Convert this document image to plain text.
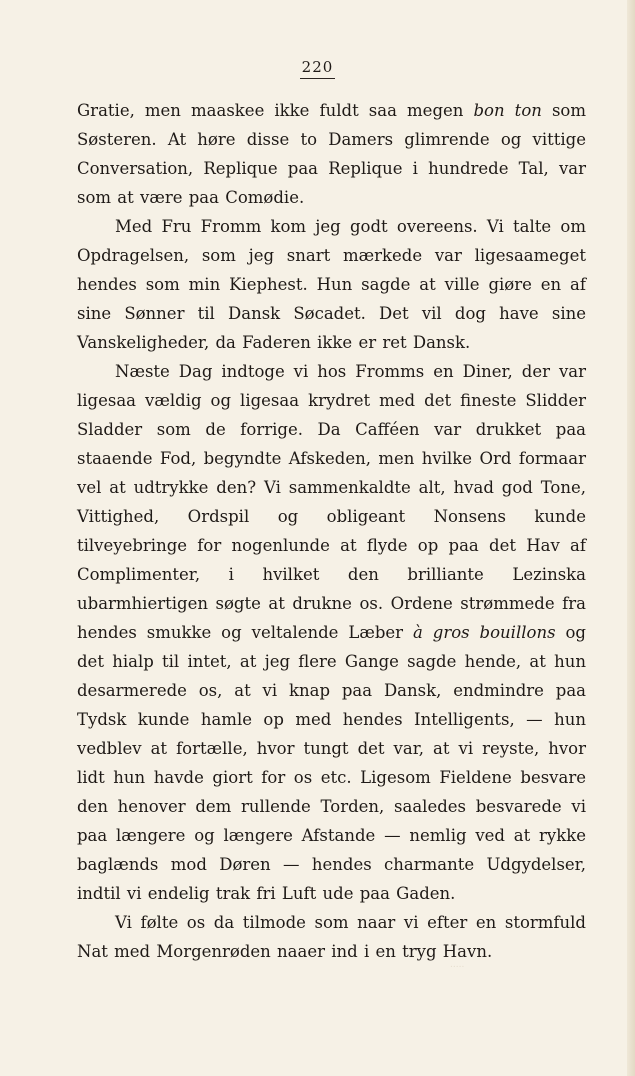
220

Gratie, men maaskee ikke fuldt saa megen bon ton som Søsteren. At høre disse to Damers glimrende og vittige Conversation, Replique paa Replique i hundrede Tal, var som at være paa Comødie.

Med Fru Fromm kom jeg godt overeens. Vi talte om Opdragelsen, som jeg snart mærkede var ligesaameget hendes som min Kiephest. Hun sagde at ville giøre en af sine Sønner til Dansk Søcadet. Det vil dog have sine Vanskeligheder, da Faderen ikke er ret Dansk.

Næste Dag indtoge vi hos Fromms en Diner, der var ligesaa vældig og ligesaa krydret med det fineste Slidder Sladder som de forrige. Da Cafféen var drukket paa staaende Fod, begyndte Afskeden, men hvilke Ord formaar vel at udtrykke den? Vi sammenkaldte alt, hvad god Tone, Vittighed, Ordspil og obligeant Nonsens kunde tilveyebringe for nogenlunde at flyde op paa det Hav af Complimenter, i hvilket den brilliante Lezinska ubarmhiertigen søgte at drukne os. Ordene strømmede fra hendes smukke og veltalende Læber à gros bouillons og det hialp til intet, at jeg flere Gange sagde hende, at hun desarmerede os, at vi knap paa Dansk, endmindre paa Tydsk kunde hamle op med hendes Intelligents, — hun vedblev at fortælle, hvor tungt det var, at vi reyste, hvor lidt hun havde giort for os etc. Ligesom Fieldene besvare den henover dem rullende Torden, saaledes besvarede vi paa længere og længere Afstande — nemlig ved at rykke baglænds mod Døren — hendes charmante Udgydelser, indtil vi endelig trak fri Luft ude paa Gaden.

Vi følte os da tilmode som naar vi efter en stormfuld Nat med Morgenrøden naaer ind i en tryg Havn.

.....
